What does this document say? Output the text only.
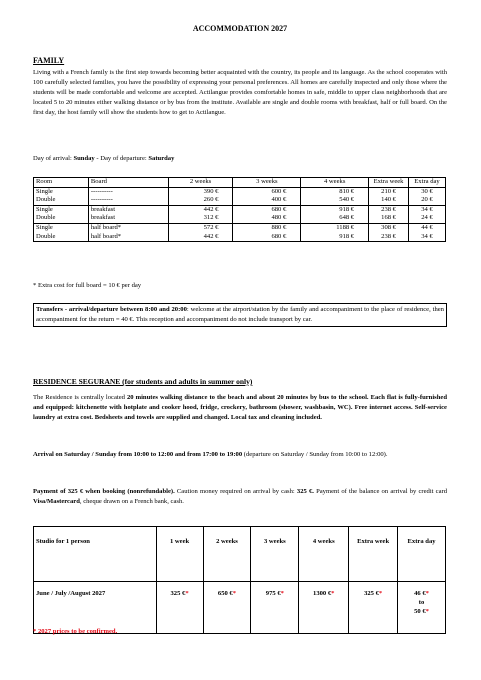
ACCOMMODATION 2027
FAMILY

Living with a French family is the first step towards becoming better acquainted with the country, its people and its language. As the school cooperates with 100 carefully selected families, you have the possibility of expressing your personal preferences. All homes are carefully inspected and only those where the students will be made comfortable and welcome are accepted. Actilangue provides comfortable homes in safe, middle to upper class neighborhoods that are located 5 to 20 minutes either walking distance or by bus from the institute. Available are single and double rooms with breakfast, half or full board. On the first day, the host family will show the students how to get to Actilangue.

Day of arrival: Sunday - Day of departure: Saturday
Room	Board	2 weeks	3 weeks	4 weeks	Extra week	Extra day
Single	----------	390 €	600 €	810 €	210 €	30 €
Double	----------	260 €	400 €	540 €	140 €	20 €
Single	breakfast	442 €	680 €	918 €	238 €	34 €
Double	breakfast	312 €	480 €	648 €	168 €	24 €
Single	half board*	572 €	880 €	1188 €	308 €	44 €
Double	half board*	442 €	680 €	918 €	238 €	34 €
* Extra cost for full board = 10 € per day

Transfers - arrival/departure between 8:00 and 20:00: welcome at the airport/station by the family and accompaniment to the place of residence, then accompaniment for the return = 40 €. This reception and accompaniment do not include transport by car.

RESIDENCE SEGURANE (for students and adults in summer only)

The Residence is centrally located 20 minutes walking distance to the beach and about 20 minutes by bus to the school. Each flat is fully-furnished and equipped: kitchenette with hotplate and cooker hood, fridge, crockery, bathroom (shower, washbasin, WC). Free internet access. Self-service laundry at extra cost. Bedsheets and towels are supplied and changed. Local tax and cleaning included.

Arrival on Saturday / Sunday from 10:00 to 12:00 and from 17:00 to 19:00 (departure on Saturday / Sunday from 10:00 to 12:00).

Payment of 325 € when booking (nonrefundable). Caution money required on arrival by cash: 325 €. Payment of the balance on arrival by credit card Visa/Mastercard, cheque drawn on a French bank, cash.

Studio for 1 person	1 week	2 weeks	3 weeks	4 weeks	Extra week	Extra day
June / July /August 2027	325 €*	650 €*	975 €*	1300 €*	325 €*	46 €*
to
50 €*
* 2027 prices to be confirmed.
